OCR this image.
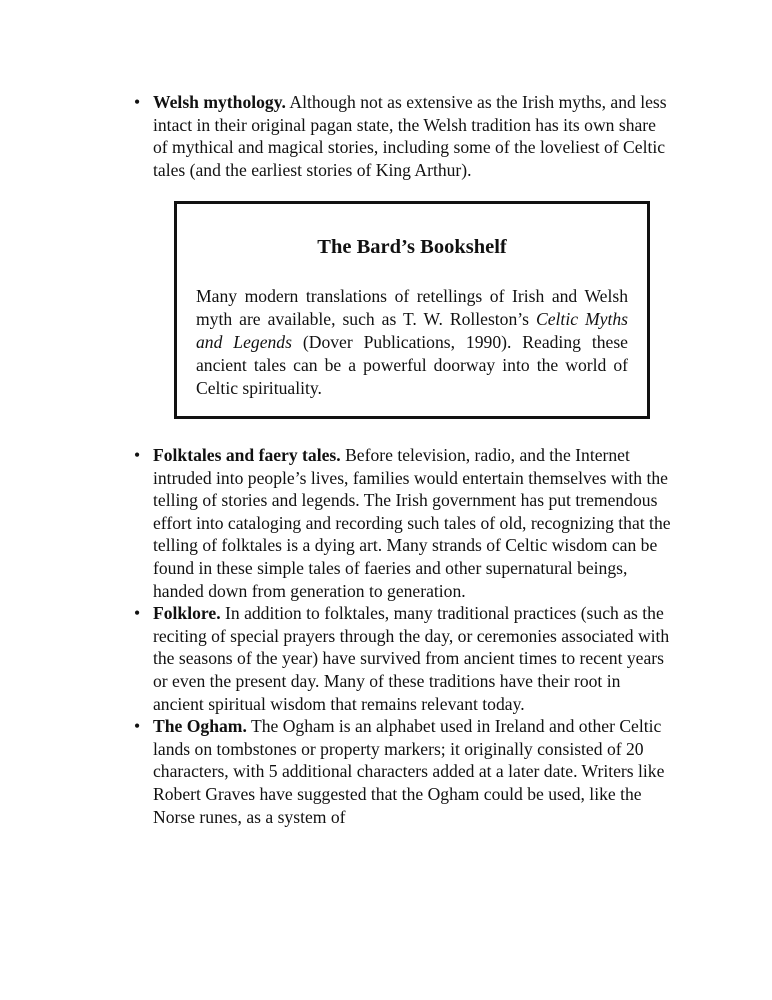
• Welsh mythology. Although not as extensive as the Irish myths, and less intact in their original pagan state, the Welsh tradition has its own share of mythical and magical stories, including some of the loveliest of Celtic tales (and the earliest stories of King Arthur).

The Bard’s Bookshelf

Many modern translations of retellings of Irish and Welsh myth are available, such as T. W. Rolleston’s Celtic Myths and Legends (Dover Publications, 1990). Reading these ancient tales can be a powerful doorway into the world of Celtic spirituality.

• Folktales and faery tales. Before television, radio, and the Internet intruded into people’s lives, families would entertain themselves with the telling of stories and legends. The Irish government has put tremendous effort into cataloging and recording such tales of old, recognizing that the telling of folktales is a dying art. Many strands of Celtic wisdom can be found in these simple tales of faeries and other supernatural beings, handed down from generation to generation.

• Folklore. In addition to folktales, many traditional practices (such as the reciting of special prayers through the day, or ceremonies associated with the seasons of the year) have survived from ancient times to recent years or even the present day. Many of these traditions have their root in ancient spiritual wisdom that remains relevant today.

• The Ogham. The Ogham is an alphabet used in Ireland and other Celtic lands on tombstones or property markers; it originally consisted of 20 characters, with 5 additional characters added at a later date. Writers like Robert Graves have suggested that the Ogham could be used, like the Norse runes, as a system of
